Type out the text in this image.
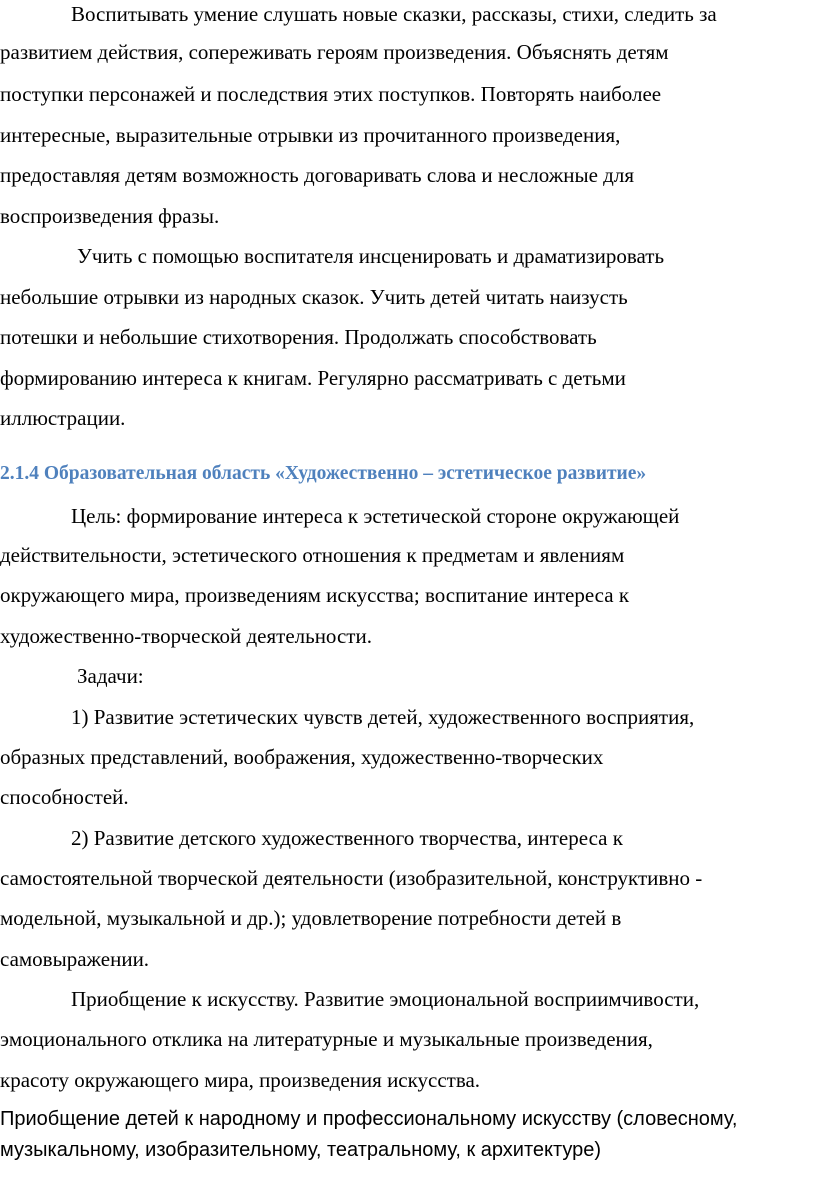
Воспитывать умение слушать новые сказки, рассказы, стихи, следить за
развитием действия, сопереживать героям произведения. Объяснять детям
поступки персонажей и последствия этих поступков. Повторять наиболее
интересные, выразительные отрывки из прочитанного произведения,
предоставляя детям возможность договаривать слова и несложные для
воспроизведения фразы.
Учить с помощью воспитателя инсценировать и драматизировать
небольшие отрывки из народных сказок. Учить детей читать наизусть
потешки и небольшие стихотворения. Продолжать способствовать
формированию интереса к книгам. Регулярно рассматривать с детьми
иллюстрации.
2.1.4 Образовательная область «Художественно – эстетическое развитие»
Цель: формирование интереса к эстетической стороне окружающей
действительности, эстетического отношения к предметам и явлениям
окружающего мира, произведениям искусства; воспитание интереса к
художественно-творческой деятельности.
Задачи:
1) Развитие эстетических чувств детей, художественного восприятия,
образных представлений, воображения, художественно-творческих
способностей.
2) Развитие детского художественного творчества, интереса к
самостоятельной творческой деятельности (изобразительной, конструктивно -
модельной, музыкальной и др.); удовлетворение потребности детей в
самовыражении.
Приобщение к искусству. Развитие эмоциональной восприимчивости,
эмоционального отклика на литературные и музыкальные произведения,
красоту окружающего мира, произведения искусства.
Приобщение детей к народному и профессиональному искусству (словесному,
музыкальному, изобразительному, театральному, к архитектуре)
